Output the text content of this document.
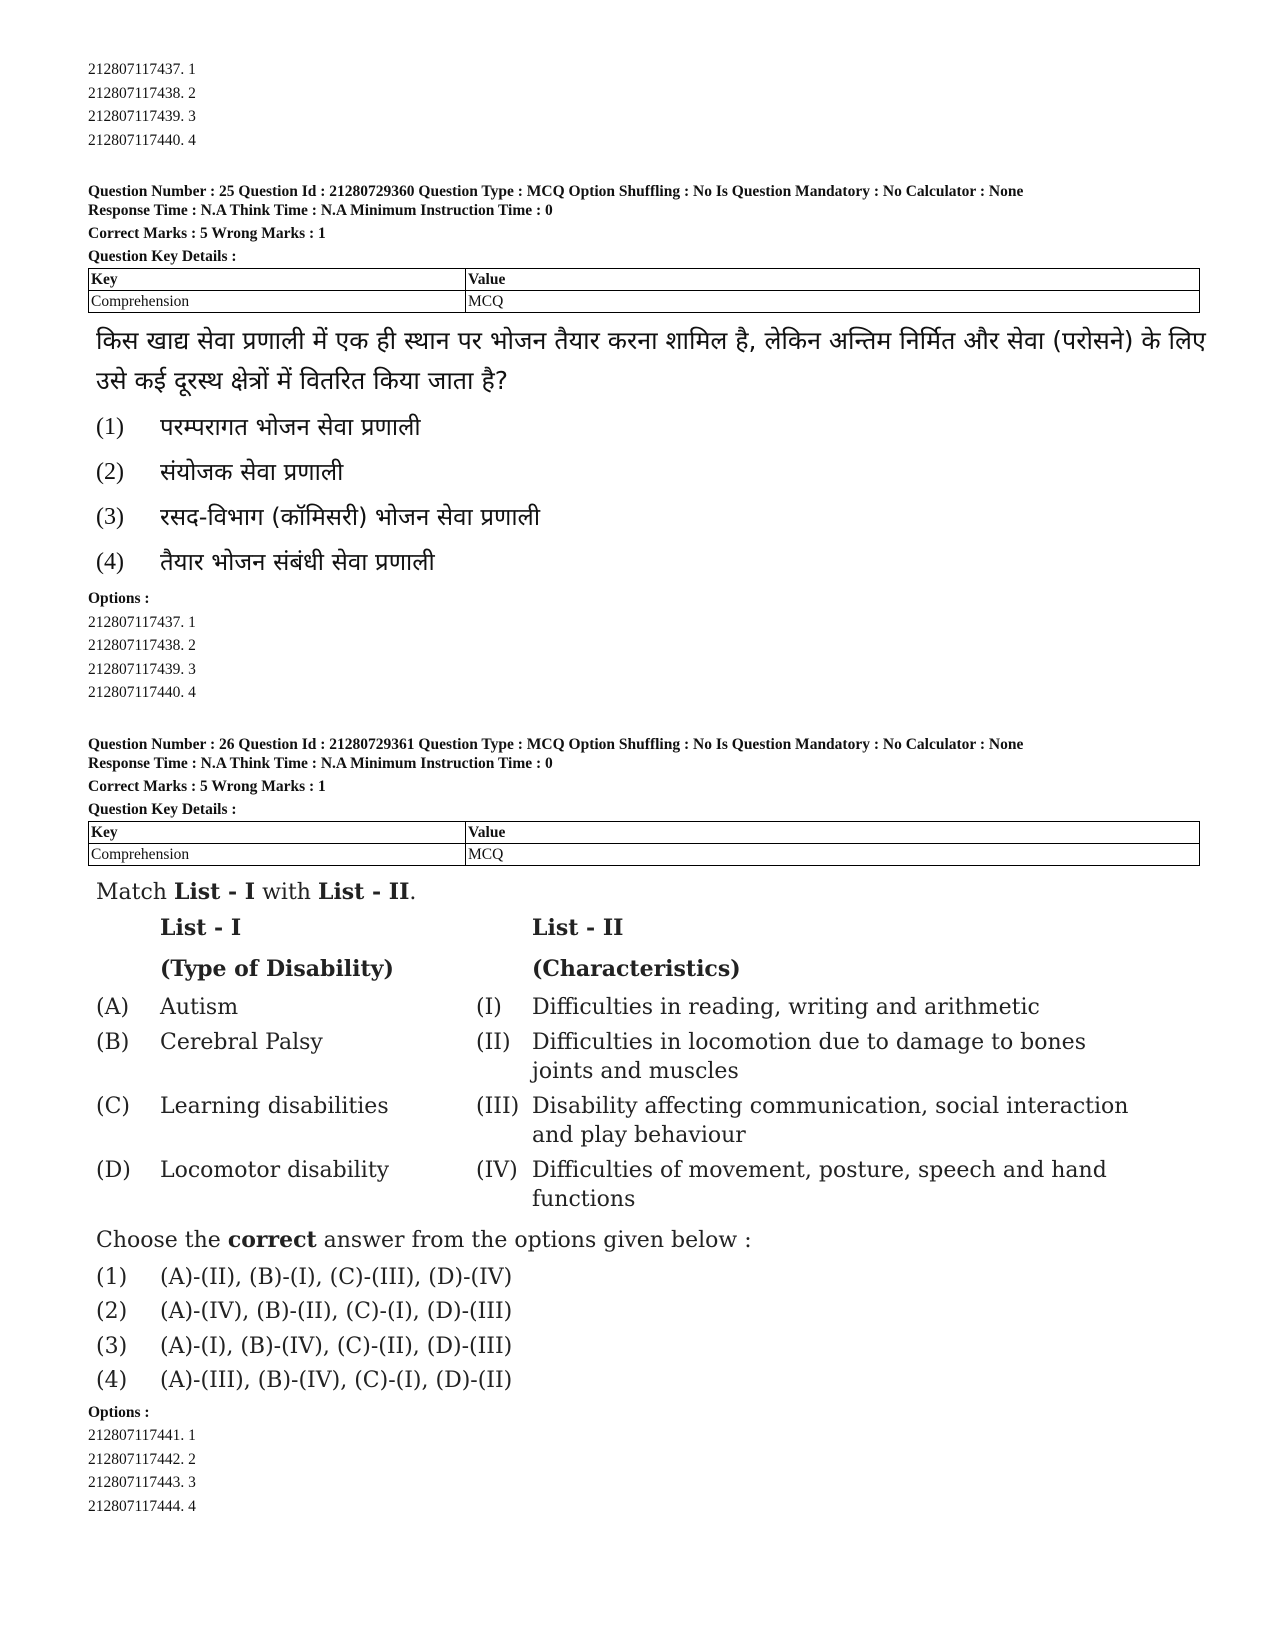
212807117437. 1
212807117438. 2
212807117439. 3
212807117440. 4
Question Number : 25 Question Id : 21280729360 Question Type : MCQ Option Shuffling : No Is Question Mandatory : No Calculator : None
Response Time : N.A Think Time : N.A Minimum Instruction Time : 0
Correct Marks : 5 Wrong Marks : 1
Question Key Details :
Key	Value
Comprehension	MCQ
किस खाद्य सेवा प्रणाली में एक ही स्थान पर भोजन तैयार करना शामिल है, लेकिन अन्तिम निर्मित और सेवा (परोसने) के लिए उसे कई दूरस्थ क्षेत्रों में वितरित किया जाता है?
(1)	परम्परागत भोजन सेवा प्रणाली
(2)	संयोजक सेवा प्रणाली
(3)	रसद-विभाग (कॉमिसरी) भोजन सेवा प्रणाली
(4)	तैयार भोजन संबंधी सेवा प्रणाली
Options :
212807117437. 1
212807117438. 2
212807117439. 3
212807117440. 4
Question Number : 26 Question Id : 21280729361 Question Type : MCQ Option Shuffling : No Is Question Mandatory : No Calculator : None
Response Time : N.A Think Time : N.A Minimum Instruction Time : 0
Correct Marks : 5 Wrong Marks : 1
Question Key Details :
Key	Value
Comprehension	MCQ
Match List - I with List - II.
List - I	List - II
(Type of Disability)	(Characteristics)
(A)	Autism	(I)	Difficulties in reading, writing and arithmetic
(B)	Cerebral Palsy	(II) Difficulties in locomotion due to damage to bones joints and muscles
(C)	Learning disabilities	(III) Disability affecting communication, social interaction and play behaviour
(D)	Locomotor disability	(IV) Difficulties of movement, posture, speech and hand functions
Choose the correct answer from the options given below :
(1)	(A)-(II), (B)-(I), (C)-(III), (D)-(IV)
(2)	(A)-(IV), (B)-(II), (C)-(I), (D)-(III)
(3)	(A)-(I), (B)-(IV), (C)-(II), (D)-(III)
(4)	(A)-(III), (B)-(IV), (C)-(I), (D)-(II)
Options :
212807117441. 1
212807117442. 2
212807117443. 3
212807117444. 4
